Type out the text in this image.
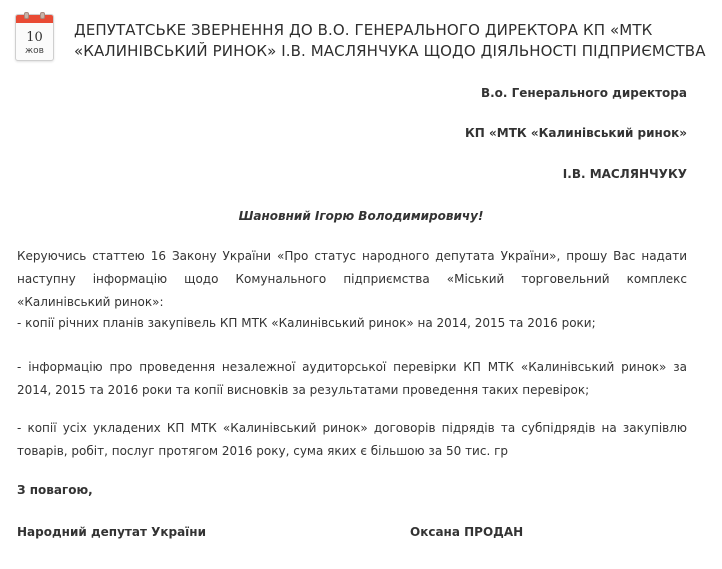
10
жов
ДЕПУТАТСЬКЕ ЗВЕРНЕННЯ ДО В.О. ГЕНЕРАЛЬНОГО ДИРЕКТОРА КП «МТК «КАЛИНІВСЬКИЙ РИНОК» І.В. МАСЛЯНЧУКА ЩОДО ДІЯЛЬНОСТІ ПІДПРИЄМСТВА
В.о. Генерального директора
КП «МТК «Калинівський ринок»
І.В. МАСЛЯНЧУКУ
Шановний Ігорю Володимировичу!

Керуючись статтею 16 Закону України «Про статус народного депутата України», прошу Вас надати наступну інформацію щодо Комунального підприємства «Міський торговельний комплекс «Калинівський ринок»:

- копії річних планів закупівель КП МТК «Калинівський ринок» на 2014, 2015 та 2016 роки;

- інформацію про проведення незалежної аудиторської перевірки КП МТК «Калинівський ринок» за 2014, 2015 та 2016 роки та копії висновків за результатами проведення таких перевірок;

- копії усіх укладених КП МТК «Калинівський ринок» договорів підрядів та субпідрядів на закупівлю товарів, робіт, послуг протягом 2016 року, сума яких є більшою за 50 тис. гр

З повагою,
Народний депутат України	Оксана ПРОДАН
